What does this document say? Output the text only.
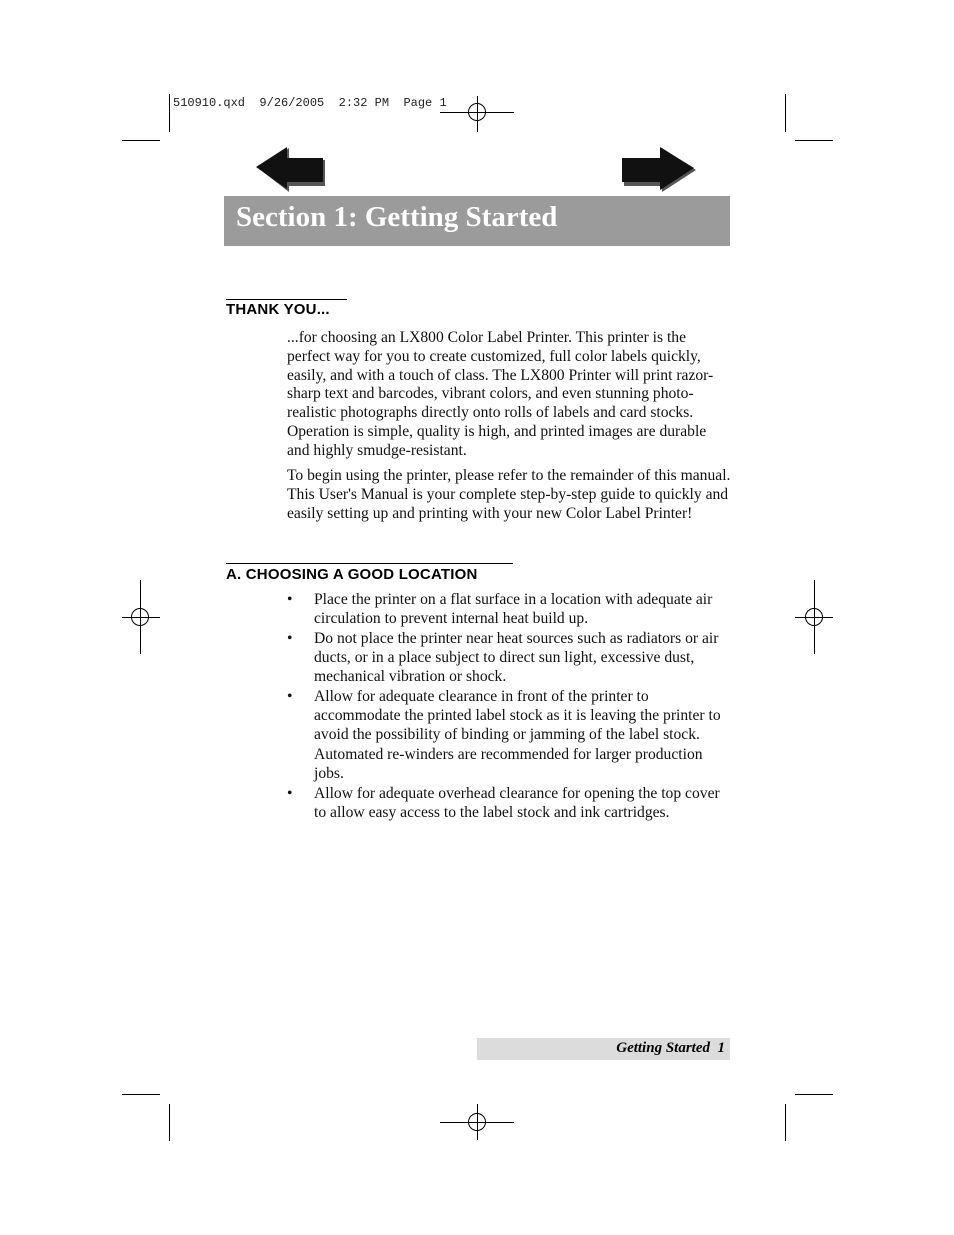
510910.qxd  9/26/2005  2:32 PM  Page 1
Section 1: Getting Started
THANK YOU...

...for choosing an LX800 Color Label Printer. This printer is the perfect way for you to create customized, full color labels quickly, easily, and with a touch of class. The LX800 Printer will print razor-sharp text and barcodes, vibrant colors, and even stunning photo-realistic photographs directly onto rolls of labels and card stocks. Operation is simple, quality is high, and printed images are durable and highly smudge-resistant.

To begin using the printer, please refer to the remainder of this manual. This User's Manual is your complete step-by-step guide to quickly and easily setting up and printing with your new Color Label Printer!

A. CHOOSING A GOOD LOCATION
• Place the printer on a flat surface in a location with adequate air circulation to prevent internal heat build up.
• Do not place the printer near heat sources such as radiators or air ducts, or in a place subject to direct sun light, excessive dust, mechanical vibration or shock.
• Allow for adequate clearance in front of the printer to accommodate the printed label stock as it is leaving the printer to avoid the possibility of binding or jamming of the label stock. Automated re-winders are recommended for larger production jobs.
• Allow for adequate overhead clearance for opening the top cover to allow easy access to the label stock and ink cartridges.
Getting Started  1
